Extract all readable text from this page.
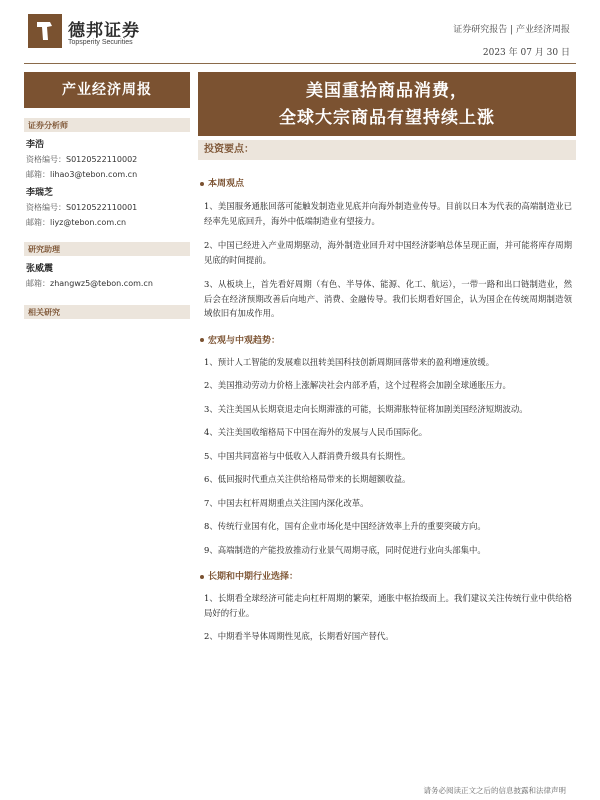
德邦证券
Topsperity Securities
证券研究报告 | 产业经济周报
2023 年 07 月 30 日
产业经济周报	美国重拾商品消费，
全球大宗商品有望持续上涨
证券分析师
李浩
资格编号：S0120522110002
邮箱：lihao3@tebon.com.cn
李瑞芝
资格编号：S0120522110001
邮箱：liyz@tebon.com.cn
研究助理
张威震
邮箱：zhangwz5@tebon.com.cn
相关研究
投资要点：
本周观点
1、美国服务通胀回落可能触发制造业见底并向海外制造业传导。目前以日本为代表的高端制造业已经率先见底回升，海外中低端制造业有望接力。
2、中国已经进入产业周期驱动，海外制造业回升对中国经济影响总体呈现正面，并可能将库存周期见底的时间提前。
3、从板块上，首先看好周期（有色、半导体、能源、化工、航运），一带一路和出口链制造业，然后会在经济预期改善后向地产、消费、金融传导。我们长期看好国企，认为国企在传统周期制造领域依旧有加成作用。
宏观与中观趋势：
1、预计人工智能的发展难以扭转美国科技创新周期回落带来的盈利增速放缓。
2、美国推动劳动力价格上涨解决社会内部矛盾，这个过程将会加剧全球通胀压力。
3、关注美国从长期衰退走向长期滞涨的可能，长期滞胀特征将加剧美国经济短期波动。
4、关注美国收缩格局下中国在海外的发展与人民币国际化。
5、中国共同富裕与中低收入人群消费升级具有长期性。
6、低回报时代重点关注供给格局带来的长期超额收益。
7、中国去杠杆周期重点关注国内深化改革。
8、传统行业国有化，国有企业市场化是中国经济效率上升的重要突破方向。
9、高端制造的产能投放推动行业景气周期寻底，同时促进行业向头部集中。
长期和中期行业选择：
1、长期看全球经济可能走向杠杆周期的繁荣，通胀中枢抬级而上。我们建议关注传统行业中供给格局好的行业。
2、中期看半导体周期性见底，长期看好国产替代。
请务必阅读正文之后的信息披露和法律声明
